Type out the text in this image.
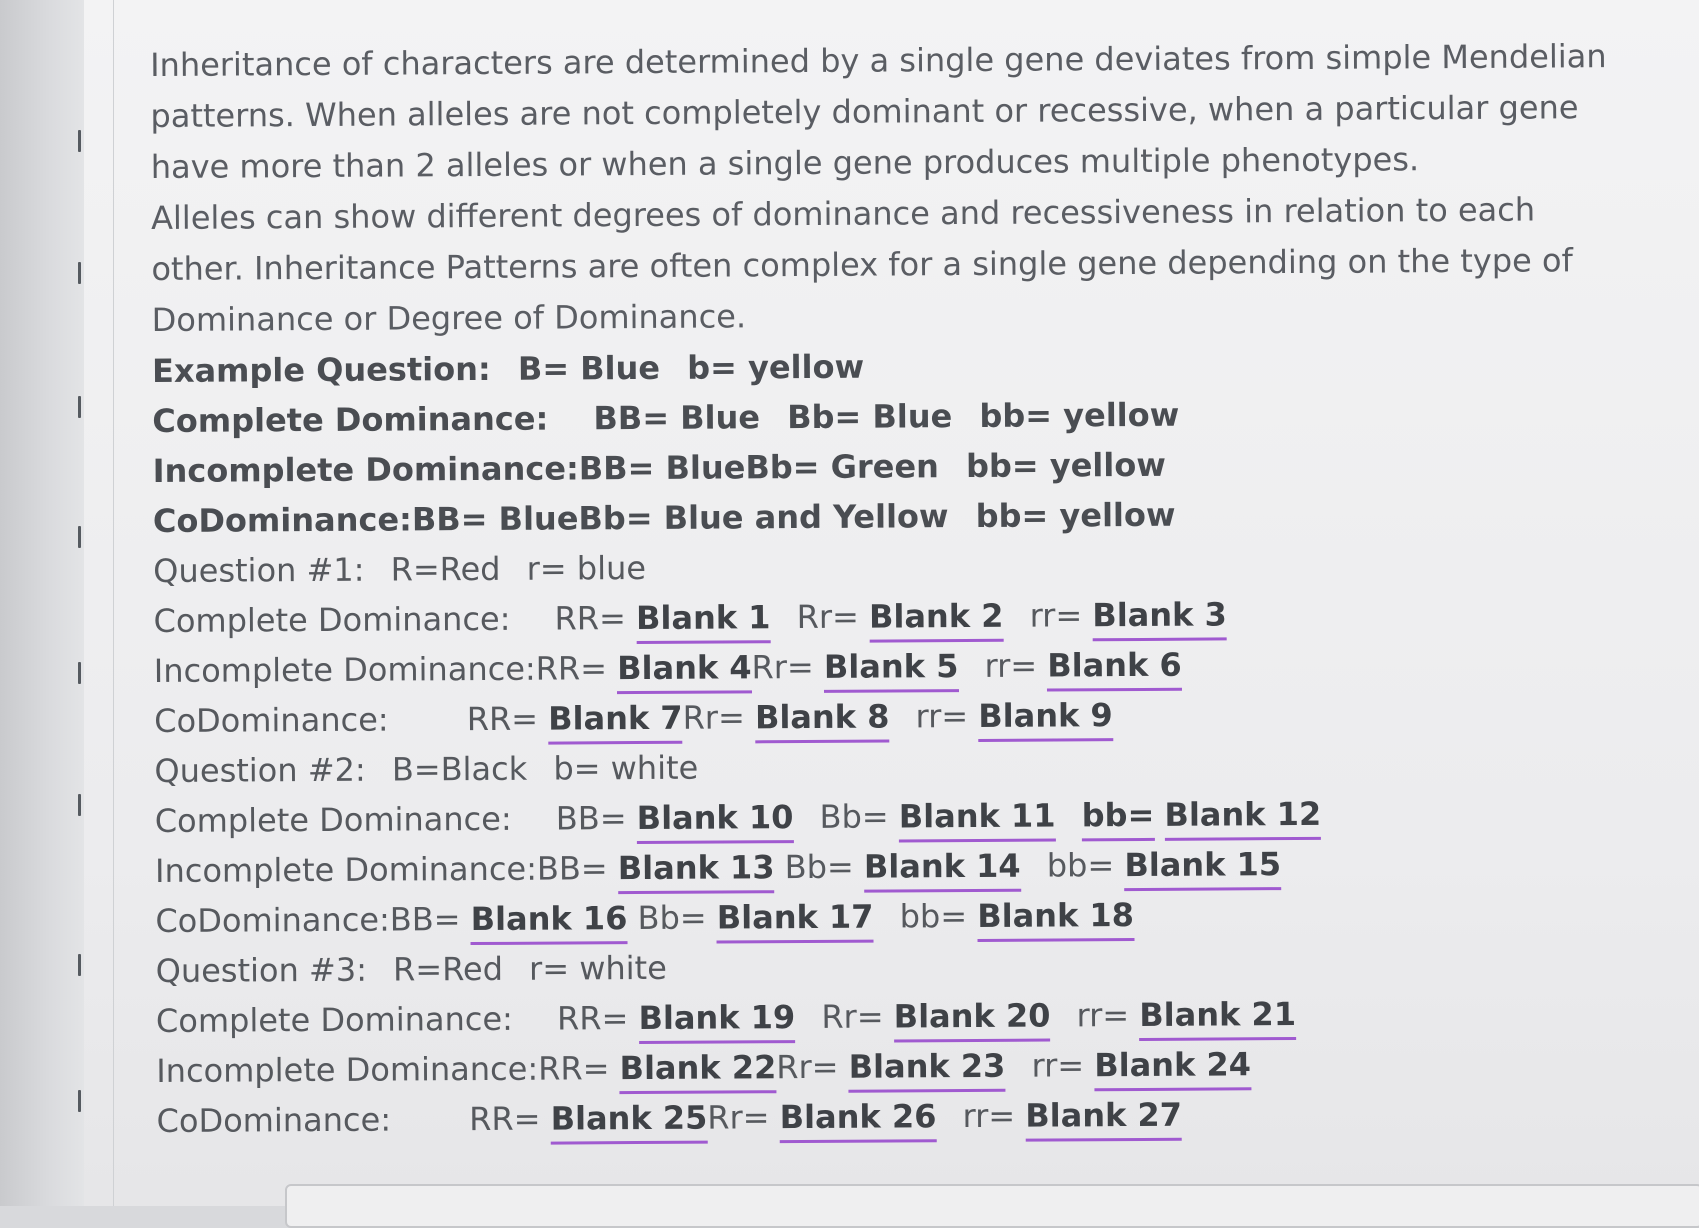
Inheritance of characters are determined by a single gene deviates from simple Mendelian patterns. When alleles are not completely dominant or recessive, when a particular gene have more than 2 alleles or when a single gene produces multiple phenotypes.

Alleles can show different degrees of dominance and recessiveness in relation to each other. Inheritance Patterns are often complex for a single gene depending on the type of Dominance or Degree of Dominance.

Example Question: B= Blue b= yellow
Complete Dominance: BB= Blue Bb= Blue bb= yellow
Incomplete Dominance:BB= BlueBb= Green bb= yellow
CoDominance:BB= BlueBb= Blue and Yellow bb= yellow
Question #1: R=Red r= blue
Complete Dominance: RR= Blank 1 Rr= Blank 2 rr= Blank 3
Incomplete Dominance:RR= Blank 4Rr= Blank 5 rr= Blank 6
CoDominance: RR= Blank 7Rr= Blank 8 rr= Blank 9
Question #2: B=Black b= white
Complete Dominance: BB= Blank 10 Bb= Blank 11 bb= Blank 12
Incomplete Dominance:BB= Blank 13 Bb= Blank 14 bb= Blank 15
CoDominance:BB= Blank 16 Bb= Blank 17 bb= Blank 18
Question #3: R=Red r= white
Complete Dominance: RR= Blank 19 Rr= Blank 20 rr= Blank 21
Incomplete Dominance:RR= Blank 22Rr= Blank 23 rr= Blank 24
CoDominance: RR= Blank 25Rr= Blank 26 rr= Blank 27
